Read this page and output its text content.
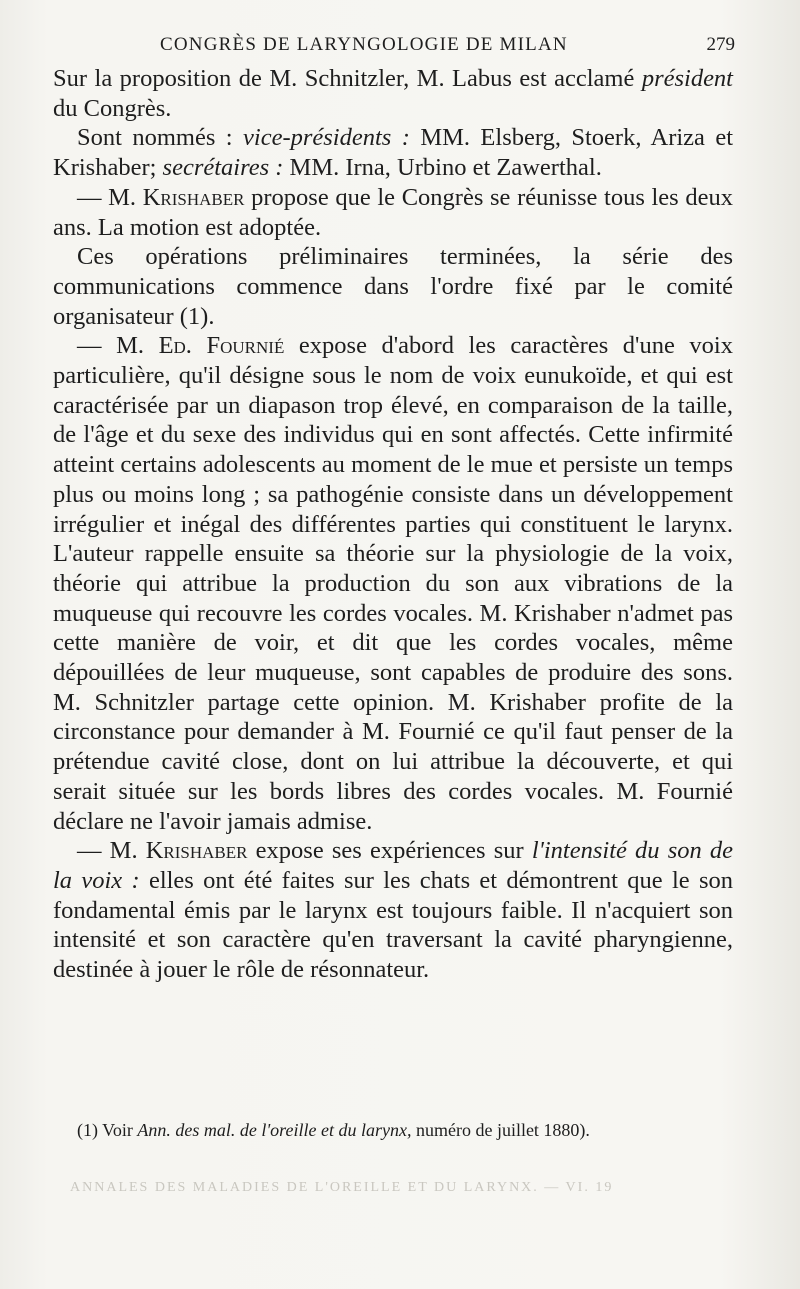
CONGRÈS DE LARYNGOLOGIE DE MILAN	279

Sur la proposition de M. Schnitzler, M. Labus est acclamé président du Congrès.

Sont nommés : vice-présidents : MM. Elsberg, Stoerk, Ariza et Krishaber; secrétaires : MM. Irna, Urbino et Zawerthal.

— M. Krishaber propose que le Congrès se réunisse tous les deux ans. La motion est adoptée.

Ces opérations préliminaires terminées, la série des communications commence dans l'ordre fixé par le comité organisateur (1).

— M. Ed. Fournié expose d'abord les caractères d'une voix particulière, qu'il désigne sous le nom de voix eunukoïde, et qui est caractérisée par un diapason trop élevé, en comparaison de la taille, de l'âge et du sexe des individus qui en sont affectés. Cette infirmité atteint certains adolescents au moment de le mue et persiste un temps plus ou moins long ; sa pathogénie consiste dans un développement irrégulier et inégal des différentes parties qui constituent le larynx. L'auteur rappelle ensuite sa théorie sur la physiologie de la voix, théorie qui attribue la production du son aux vibrations de la muqueuse qui recouvre les cordes vocales. M. Krishaber n'admet pas cette manière de voir, et dit que les cordes vocales, même dépouillées de leur muqueuse, sont capables de produire des sons. M. Schnitzler partage cette opinion. M. Krishaber profite de la circonstance pour demander à M. Fournié ce qu'il faut penser de la prétendue cavité close, dont on lui attribue la découverte, et qui serait située sur les bords libres des cordes vocales. M. Fournié déclare ne l'avoir jamais admise.

— M. Krishaber expose ses expériences sur l'intensité du son de la voix : elles ont été faites sur les chats et démontrent que le son fondamental émis par le larynx est toujours faible. Il n'acquiert son intensité et son caractère qu'en traversant la cavité pharyngienne, destinée à jouer le rôle de résonnateur.

(1) Voir Ann. des mal. de l'oreille et du larynx, numéro de juillet 1880).

ANNALES DES MALADIES DE L'OREILLE ET DU LARYNX. — VI. 19
